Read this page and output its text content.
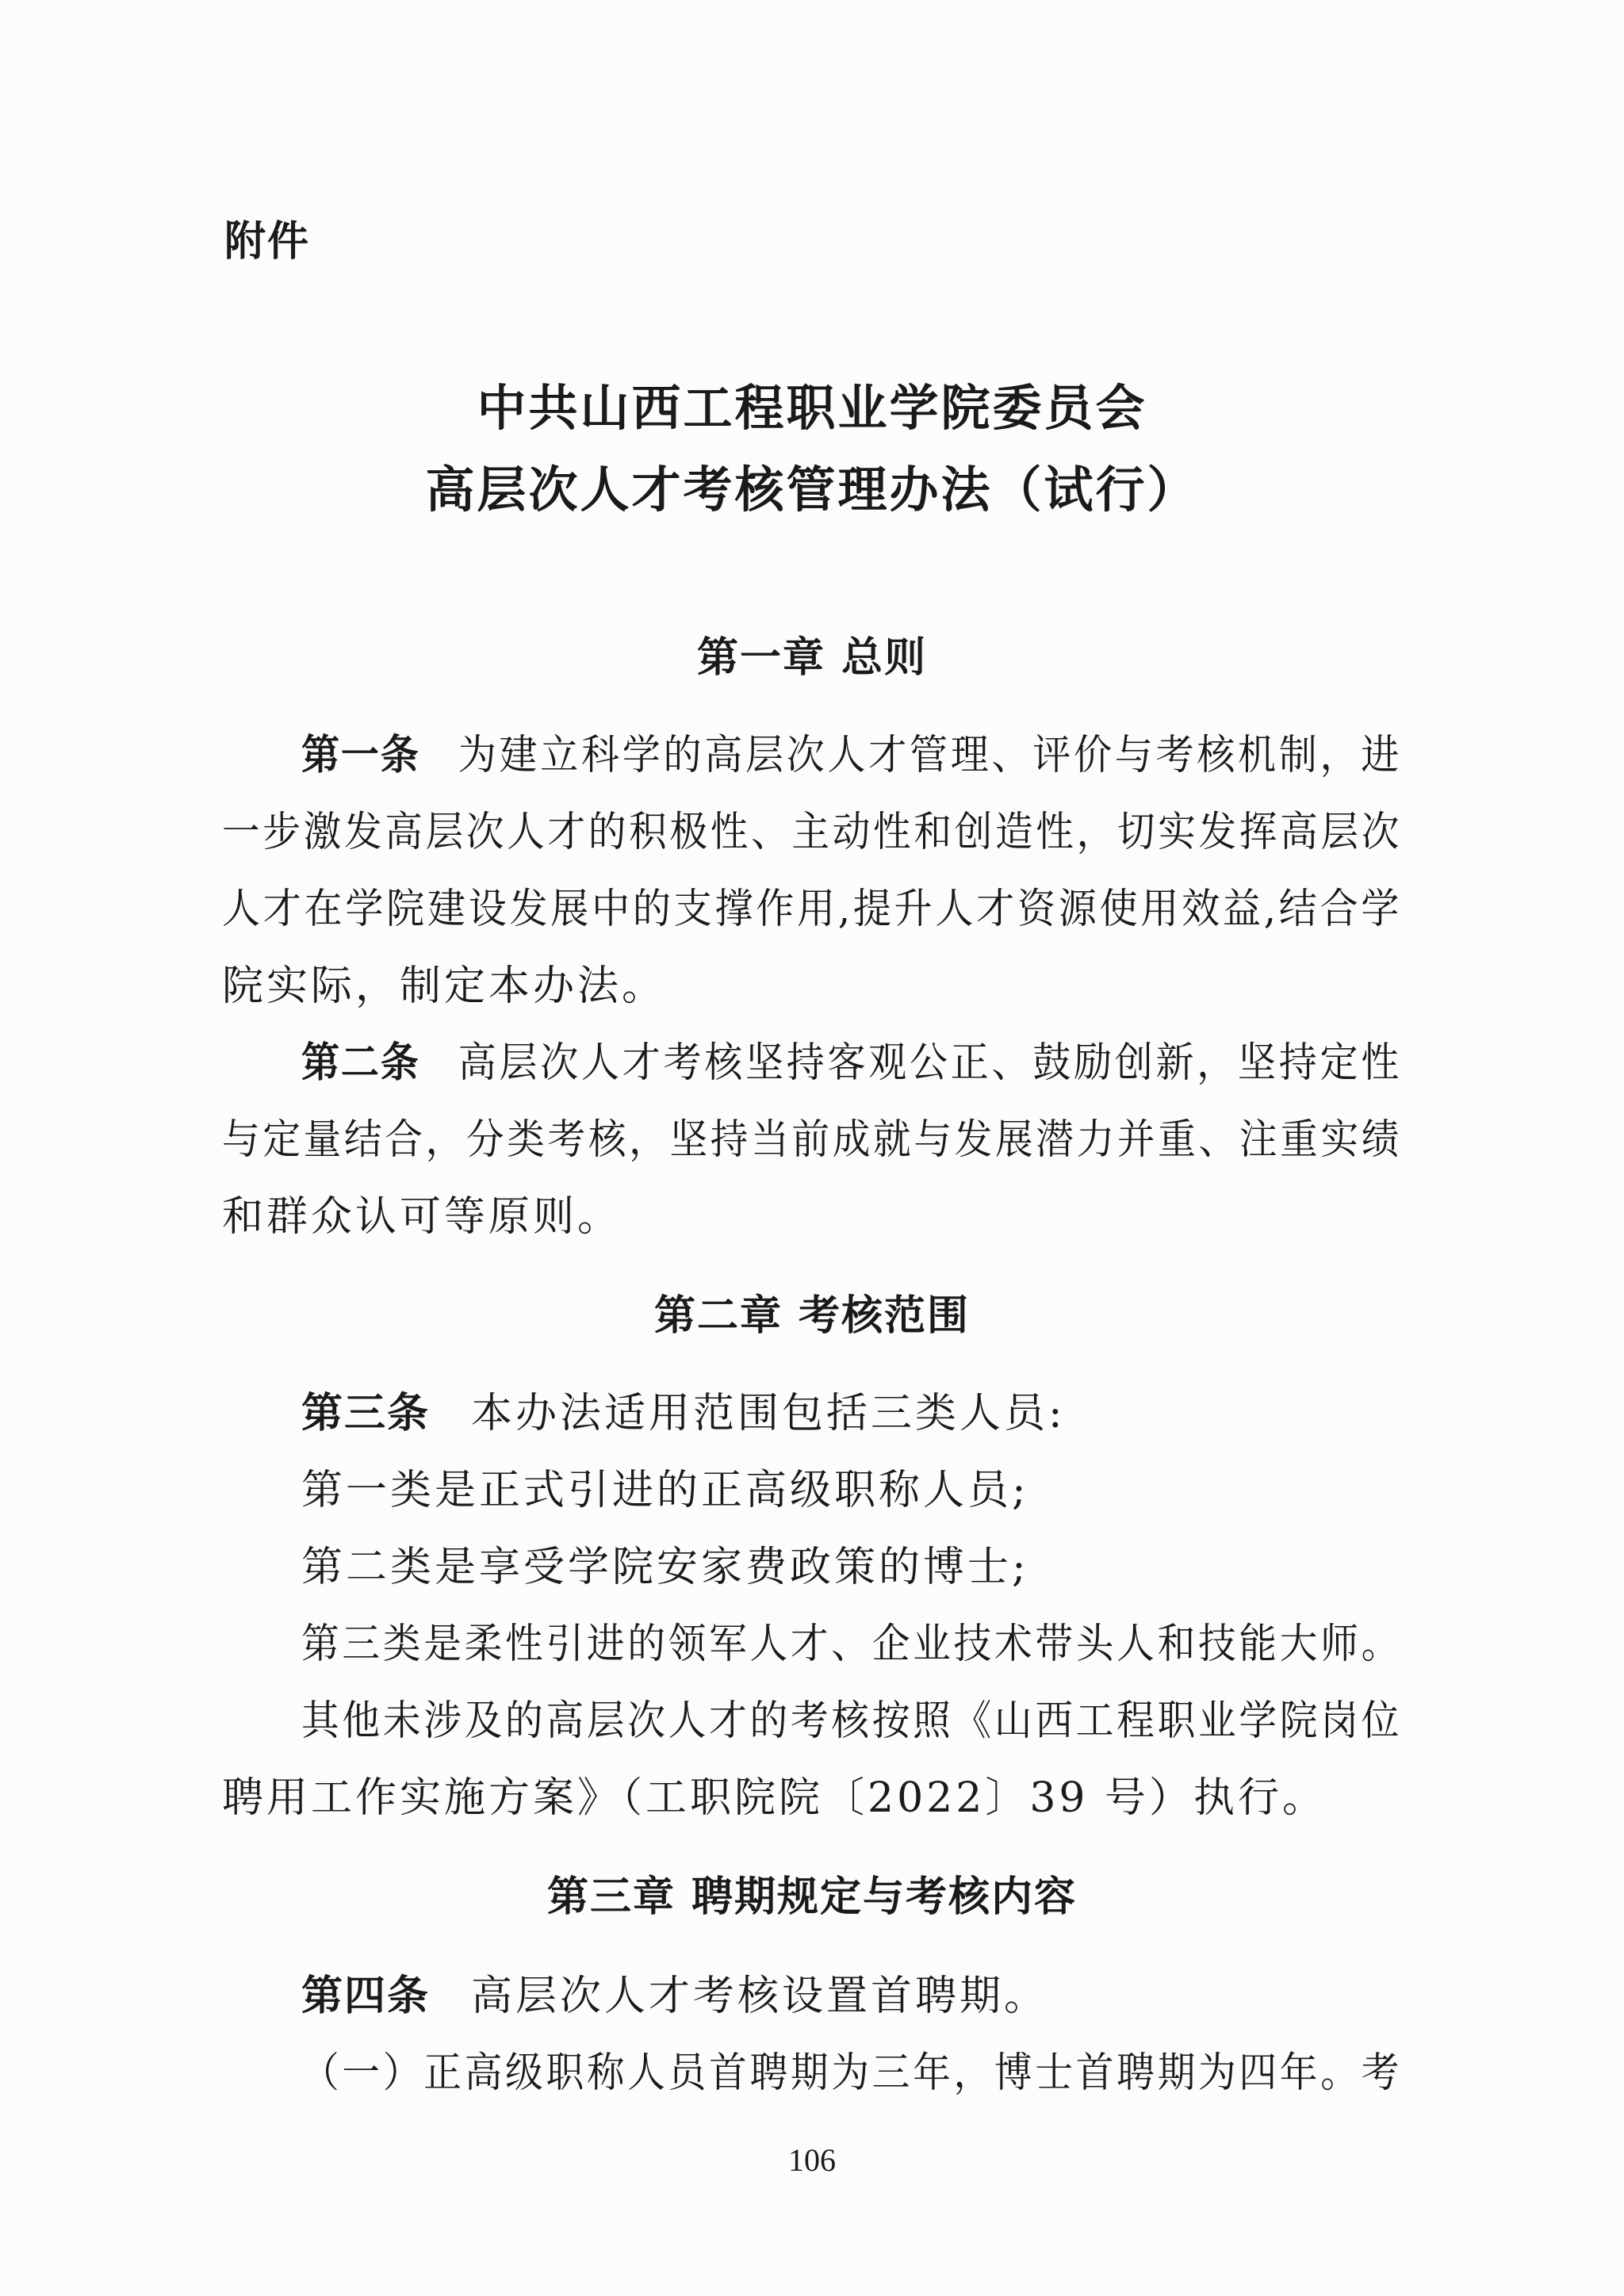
附件
中共山西工程职业学院委员会
高层次人才考核管理办法（试行）
第一章 总则
第一条 为建立科学的高层次人才管理、评价与考核机制，进
一步激发高层次人才的积极性、主动性和创造性，切实发挥高层次
人才在学院建设发展中的支撑作用,提升人才资源使用效益,结合学
院实际，制定本办法。
第二条 高层次人才考核坚持客观公正、鼓励创新，坚持定性
与定量结合，分类考核，坚持当前成就与发展潜力并重、注重实绩
和群众认可等原则。
第二章 考核范围
第三条 本办法适用范围包括三类人员:
第一类是正式引进的正高级职称人员;
第二类是享受学院安家费政策的博士;
第三类是柔性引进的领军人才、企业技术带头人和技能大师。
其他未涉及的高层次人才的考核按照《山西工程职业学院岗位
聘用工作实施方案》（工职院院〔2022〕39 号）执行。
第三章 聘期规定与考核内容
第四条 高层次人才考核设置首聘期。
（一）正高级职称人员首聘期为三年，博士首聘期为四年。考
106
